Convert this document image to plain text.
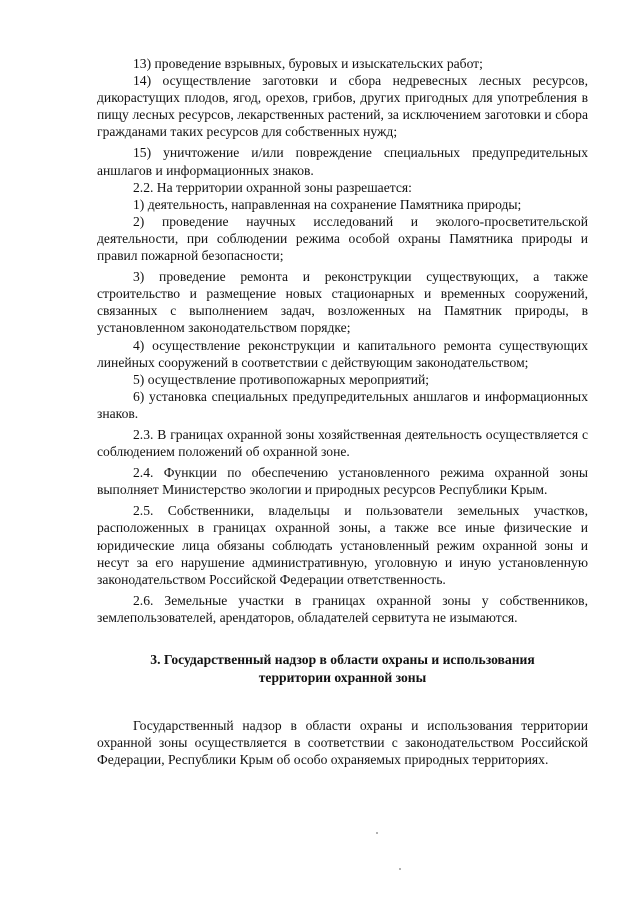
13) проведение взрывных, буровых и изыскательских работ;

14) осуществление заготовки и сбора недревесных лесных ресурсов, дикорастущих плодов, ягод, орехов, грибов, других пригодных для употребления в пищу лесных ресурсов, лекарственных растений, за исключением заготовки и сбора гражданами таких ресурсов для собственных нужд;

15) уничтожение и/или повреждение специальных предупредительных аншлагов и информационных знаков.

2.2. На территории охранной зоны разрешается:

1) деятельность, направленная на сохранение Памятника природы;

2) проведение научных исследований и эколого-просветительской деятельности, при соблюдении режима особой охраны Памятника природы и правил пожарной безопасности;

3) проведение ремонта и реконструкции существующих, а также строительство и размещение новых стационарных и временных сооружений, связанных с выполнением задач, возложенных на Памятник природы, в установленном законодательством порядке;

4) осуществление реконструкции и капитального ремонта существующих линейных сооружений в соответствии с действующим законодательством;

5) осуществление противопожарных мероприятий;

6) установка специальных предупредительных аншлагов и информационных знаков.

2.3. В границах охранной зоны хозяйственная деятельность осуществляется с соблюдением положений об охранной зоне.

2.4. Функции по обеспечению установленного режима охранной зоны выполняет Министерство экологии и природных ресурсов Республики Крым.

2.5. Собственники, владельцы и пользователи земельных участков, расположенных в границах охранной зоны, а также все иные физические и юридические лица обязаны соблюдать установленный режим охранной зоны и несут за его нарушение административную, уголовную и иную установленную законодательством Российской Федерации ответственность.

2.6. Земельные участки в границах охранной зоны у собственников, землепользователей, арендаторов, обладателей сервитута не изымаются.

3. Государственный надзор в области охраны и использования
территории охранной зоны

Государственный надзор в области охраны и использования территории охранной зоны осуществляется в соответствии с законодательством Российской Федерации, Республики Крым об особо охраняемых природных территориях.
